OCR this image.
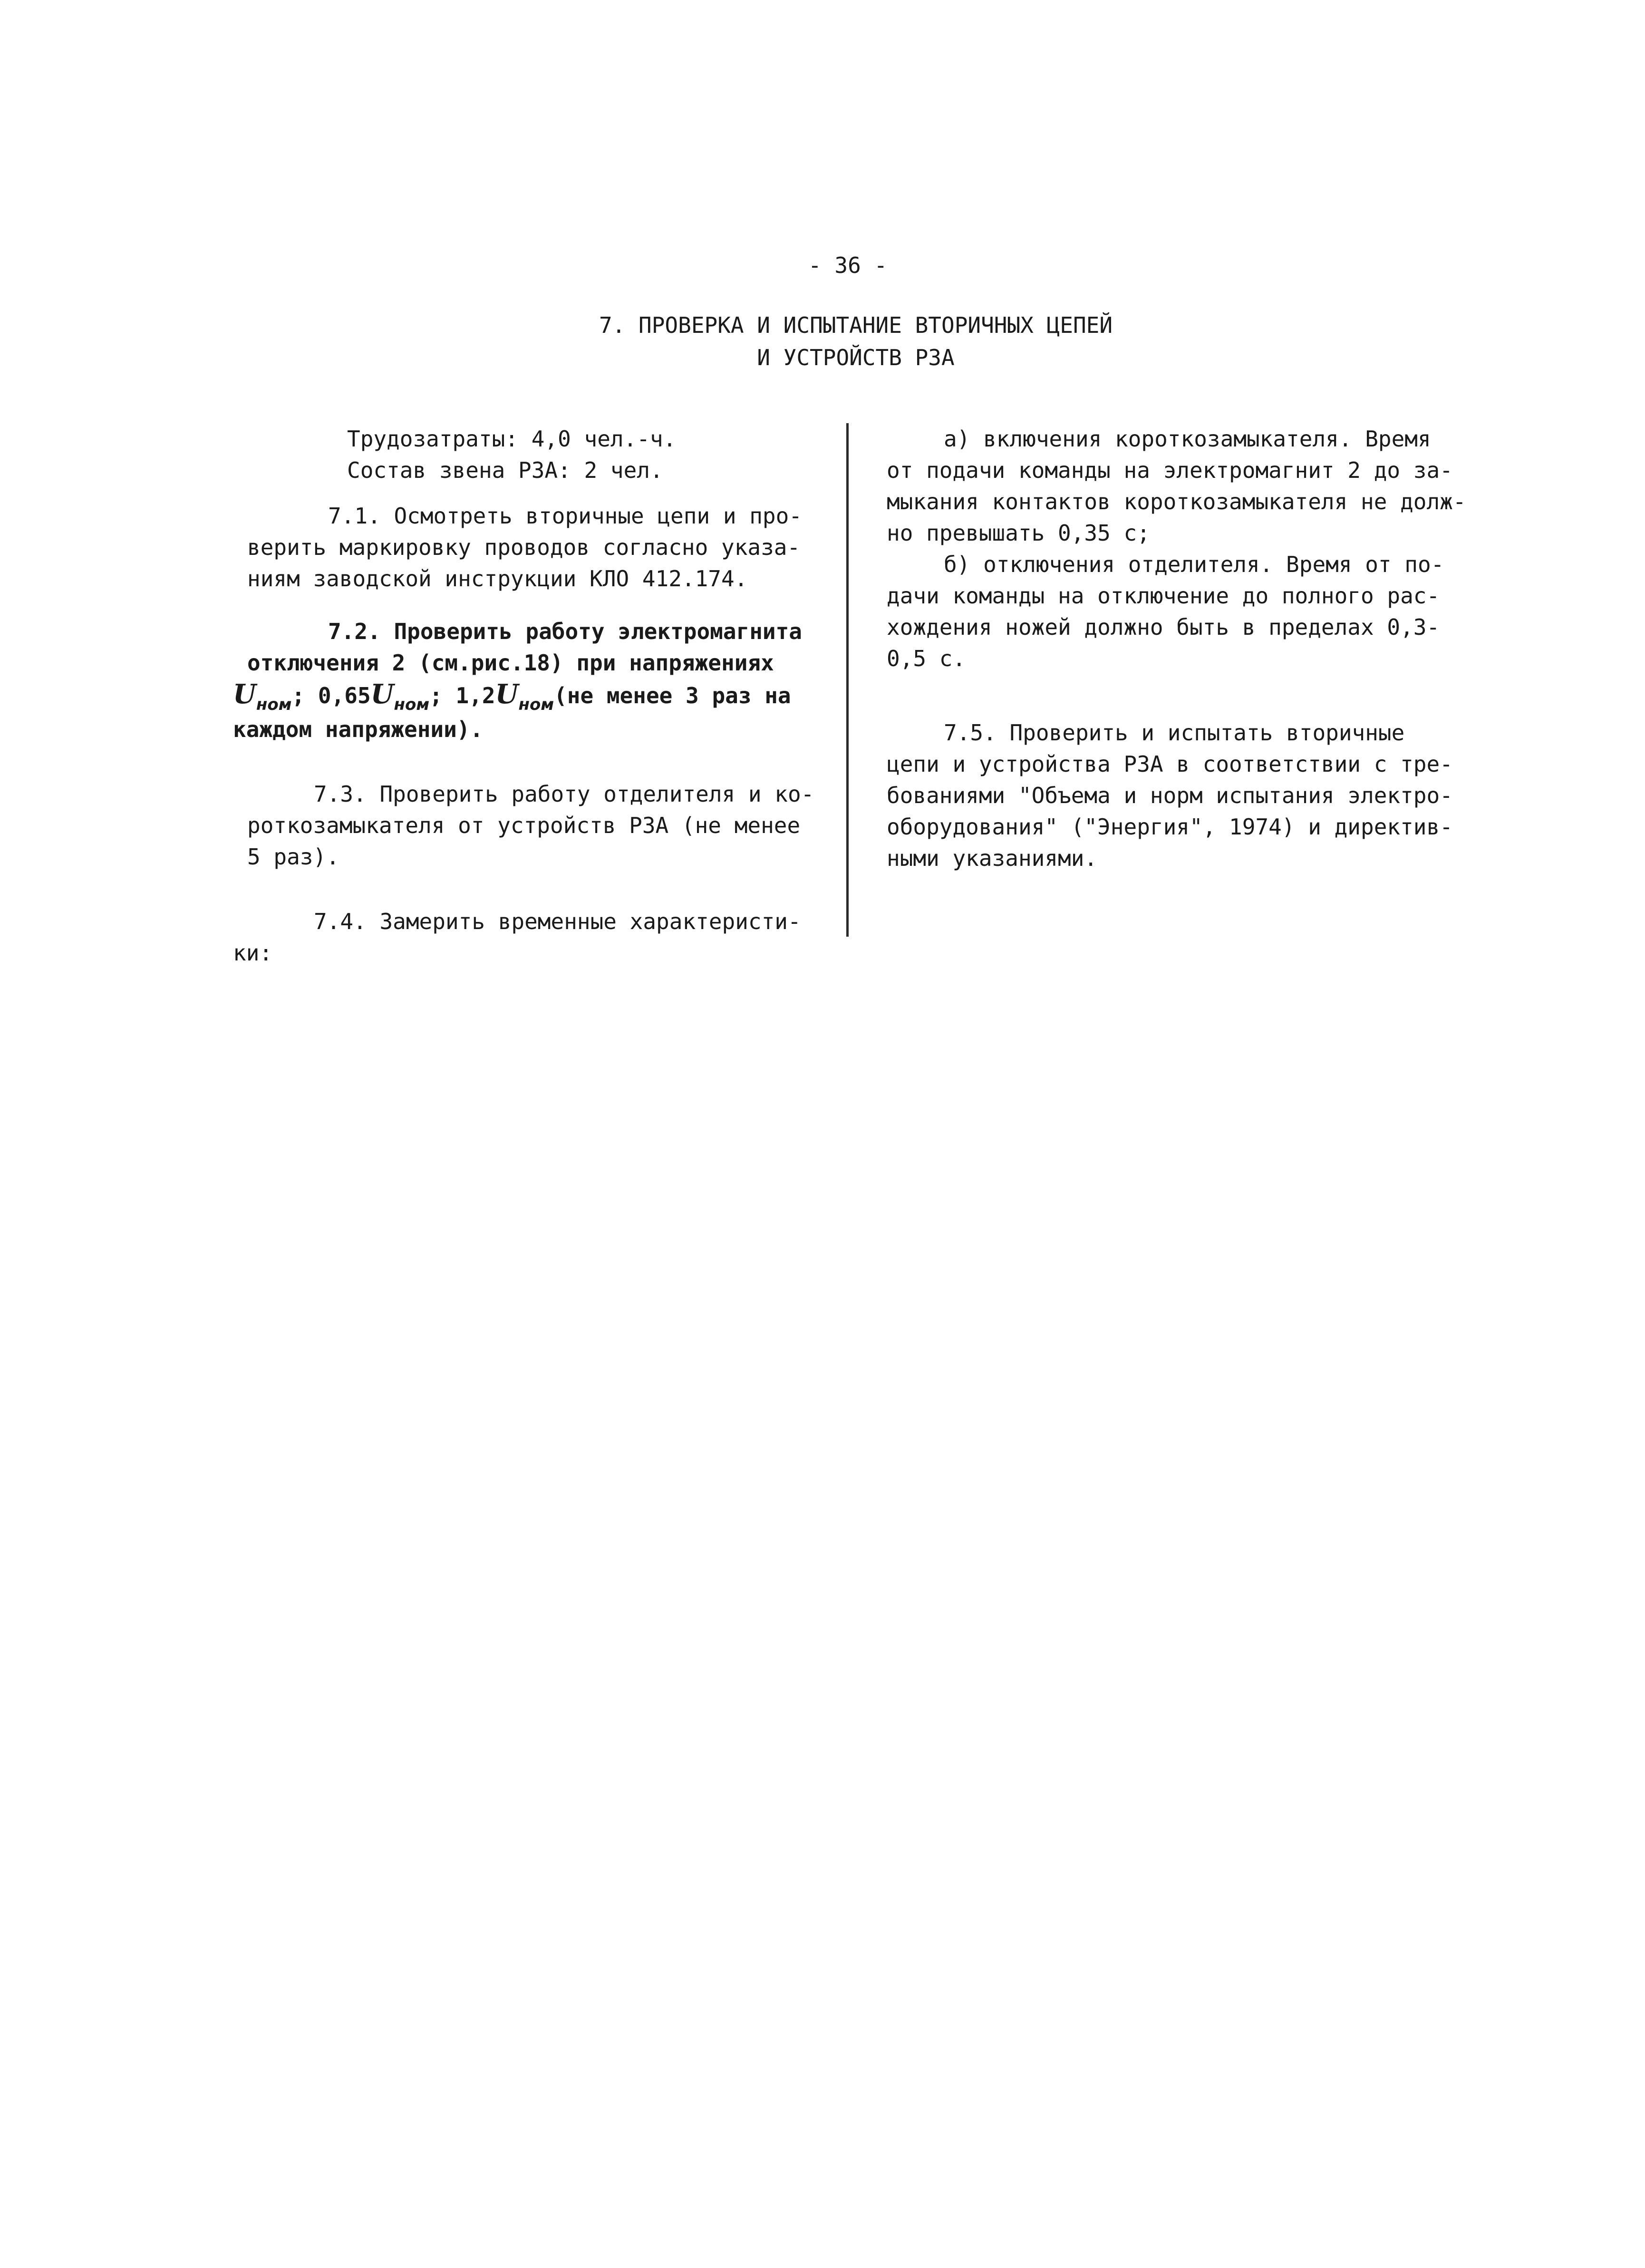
- 36 -
7. ПРОВЕРКА И ИСПЫТАНИЕ ВТОРИЧНЫХ ЦЕПЕЙ
И УСТРОЙСТВ РЗА
Трудозатраты: 4,0 чел.-ч.
Состав звена РЗА: 2 чел.
7.1. Осмотреть вторичные цепи и про-
верить маркировку проводов согласно указа-
ниям заводской инструкции КЛО 412.174.
7.2. Проверить работу электромагнита
отключения 2 (см.рис.18) при напряжениях
$U_{ном}$; $0,65U_{ном}$; $1,2U_{ном}(не$ менее 3 раз на
каждом напряжении).
7.3. Проверить работу отделителя и ко-
роткозамыкателя от устройств РЗА (не менее
5 раз).
7.4. Замерить временные характеристи-
ки:
а) включения короткозамыкателя. Время
от подачи команды на электромагнит 2 до за-
мыкания контактов короткозамыкателя не долж-
но превышать 0,35 с;
б) отключения отделителя. Время от по-
дачи команды на отключение до полного рас-
хождения ножей должно быть в пределах 0,3-
0,5 с.
7.5. Проверить и испытать вторичные
цепи и устройства РЗА в соответствии с тре-
бованиями "Объема и норм испытания электро-
оборудования" ("Энергия", 1974) и директив-
ными указаниями.
